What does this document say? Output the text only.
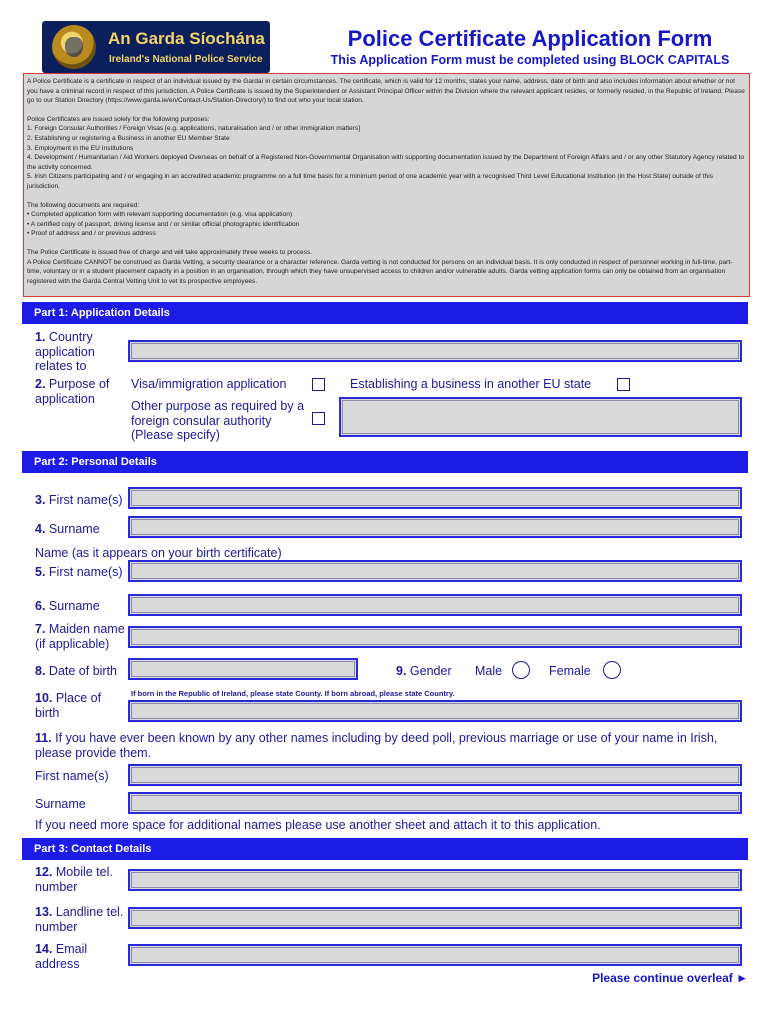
An Garda Síochána
Ireland's National Police Service
Police Certificate Application Form
This Application Form must be completed using BLOCK CAPITALS

A Police Certificate is a certificate in respect of an individual issued by the Gardaí in certain circumstances. The certificate, which is valid for 12 months, states your name, address, date of birth and also includes information about whether or not you have a criminal record in respect of this jurisdiction. A Police Certificate is issued by the Superintendent or Assistant Principal Officer within the Division where the relevant applicant resides, or formerly resided, in the Republic of Ireland. Please go to our Station Directory (https://www.garda.ie/en/Contact-Us/Station-Directory/) to find out who your local station.

Police Certificates are issued solely for the following purposes:

1. Foreign Consular Authorities / Foreign Visas [e.g. applications, naturalisation and / or other immigration matters]

2. Establishing or registering a Business in another EU Member State

3. Employment in the EU Institutions

4. Development / Humanitarian / Aid Workers deployed Overseas on behalf of a Registered Non-Governmental Organisation with supporting documentation issued by the Department of Foreign Affairs and / or any other Statutory Agency related to the activity concerned.

5. Irish Citizens participating and / or engaging in an accredited academic programme on a full time basis for a minimum period of one academic year with a recognised Third Level Educational Institution (in the Host State) outside of this jurisdiction.

The following documents are required:

• Completed application form with relevant supporting documentation (e.g. visa application)

• A certified copy of passport, driving license and / or similar official photographic identification

• Proof of address and / or previous address

The Police Certificate is issued free of charge and will take approximately three weeks to process.

A Police Certificate CANNOT be construed as Garda Vetting, a security clearance or a character reference. Garda vetting is not conducted for persons on an individual basis. It is only conducted in respect of personnel working in full-time, part-time, voluntary or in a student placement capacity in a position in an organisation, through which they have unsupervised access to children and/or vulnerable adults. Garda vetting application forms can only be obtained from an organisation registered with the Garda Central Vetting Unit to vet its prospective employees.

Part 1: Application Details
1. Country application relates to
2. Purpose of application
Visa/immigration application	Establishing a business in another EU state
Other purpose as required by a foreign consular authority (Please specify)
Part 2: Personal Details
3. First name(s)
4. Surname
Name (as it appears on your birth certificate)
5. First name(s)
6. Surname
7. Maiden name (if applicable)
8. Date of birth	9. Gender Male	Female
10. Place of birth
If born in the Republic of Ireland, please state County. If born abroad, please state Country.
11. If you have ever been known by any other names including by deed poll, previous marriage or use of your name in Irish, please provide them.
First name(s)
Surname
If you need more space for additional names please use another sheet and attach it to this application.
Part 3: Contact Details
12. Mobile tel. number
13. Landline tel. number
14. Email address
Please continue overleaf ►
